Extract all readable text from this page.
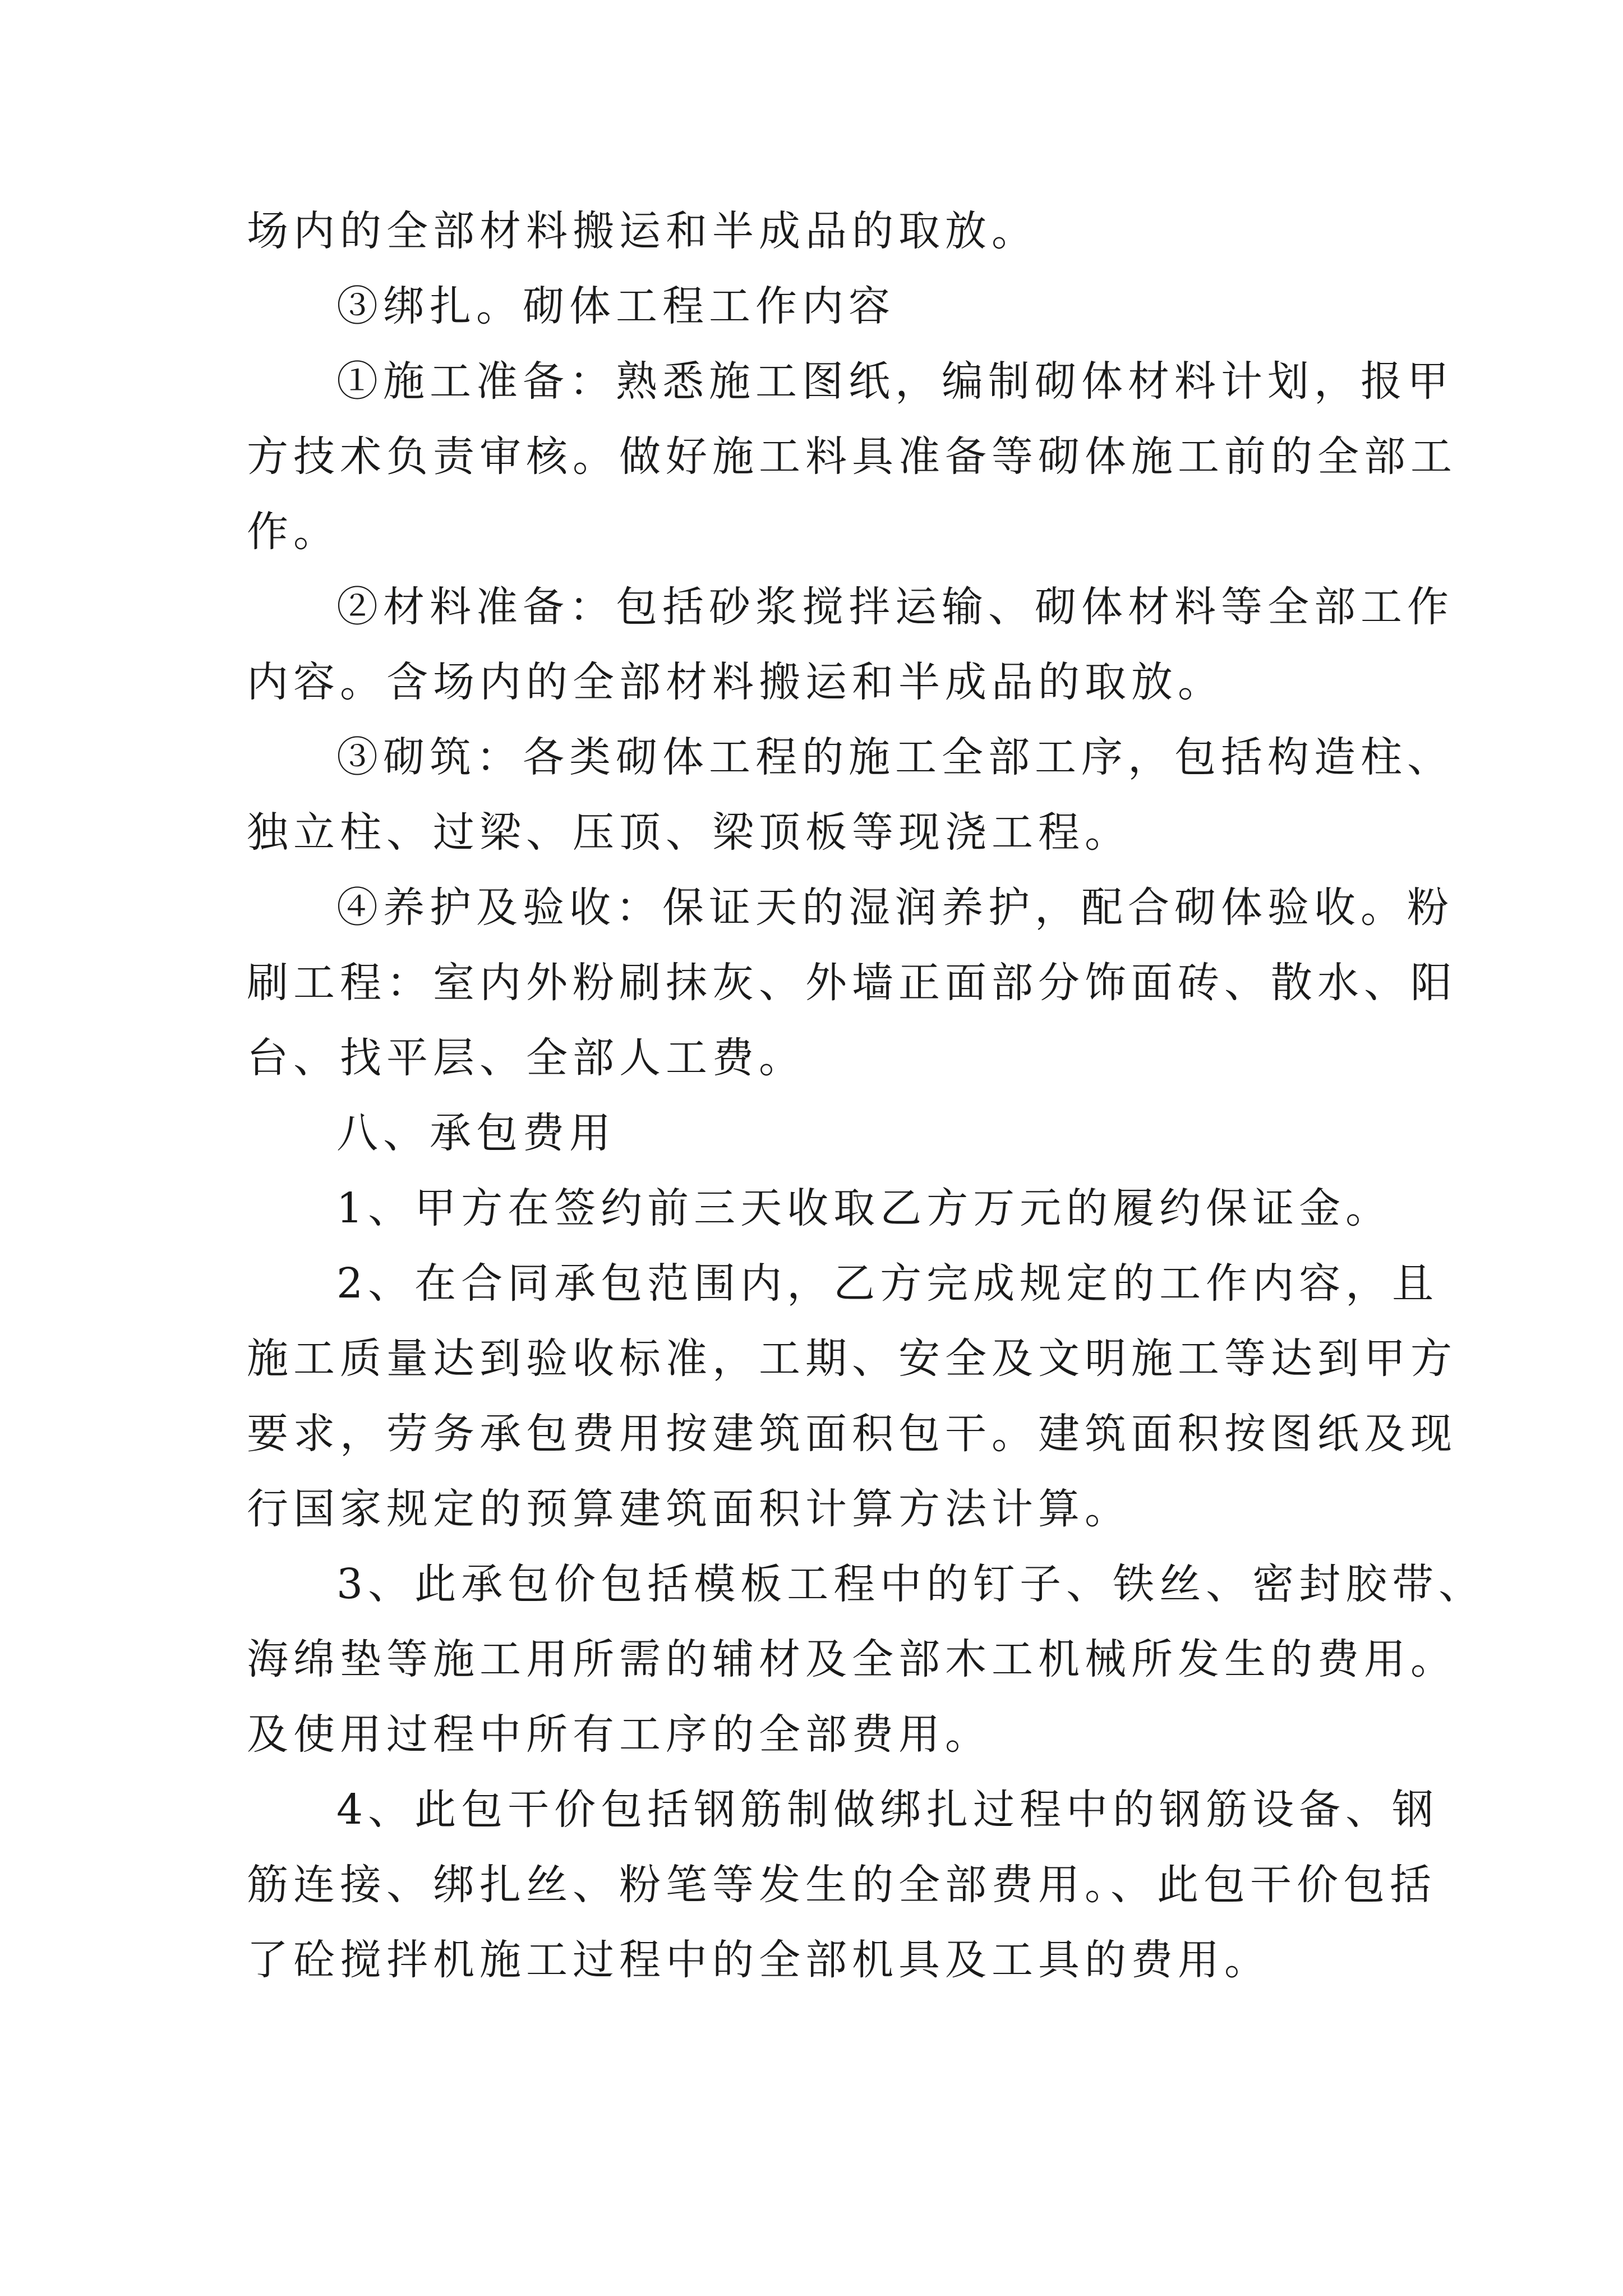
场内的全部材料搬运和半成品的取放。
③绑扎。砌体工程工作内容
①施工准备：熟悉施工图纸，编制砌体材料计划，报甲
方技术负责审核。做好施工料具准备等砌体施工前的全部工
作。
②材料准备：包括砂浆搅拌运输、砌体材料等全部工作
内容。含场内的全部材料搬运和半成品的取放。
③砌筑：各类砌体工程的施工全部工序，包括构造柱、
独立柱、过梁、压顶、梁顶板等现浇工程。
④养护及验收：保证天的湿润养护，配合砌体验收。粉
刷工程：室内外粉刷抹灰、外墙正面部分饰面砖、散水、阳
台、找平层、全部人工费。
八、承包费用
1、甲方在签约前三天收取乙方万元的履约保证金。
2、在合同承包范围内，乙方完成规定的工作内容，且
施工质量达到验收标准，工期、安全及文明施工等达到甲方
要求，劳务承包费用按建筑面积包干。建筑面积按图纸及现
行国家规定的预算建筑面积计算方法计算。
3、此承包价包括模板工程中的钉子、铁丝、密封胶带、
海绵垫等施工用所需的辅材及全部木工机械所发生的费用。
及使用过程中所有工序的全部费用。
4、此包干价包括钢筋制做绑扎过程中的钢筋设备、钢
筋连接、绑扎丝、粉笔等发生的全部费用。、此包干价包括
了砼搅拌机施工过程中的全部机具及工具的费用。
